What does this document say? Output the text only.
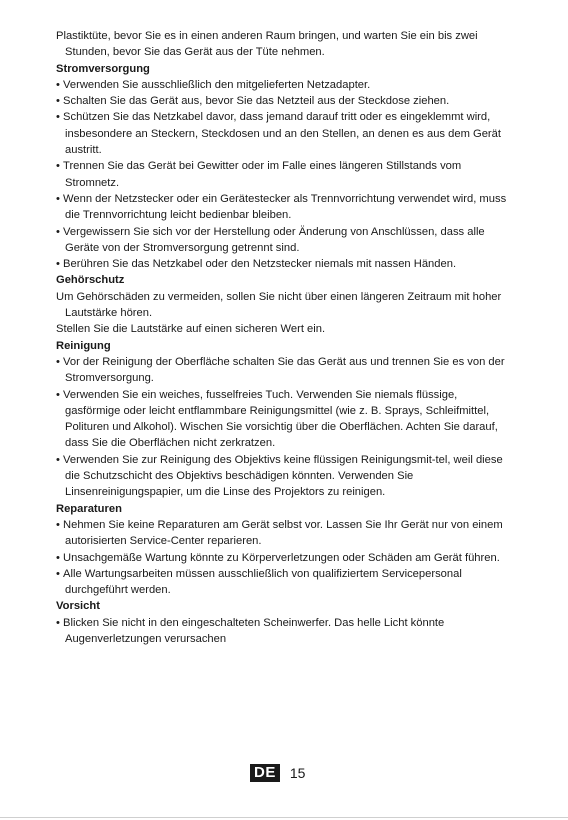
Plastiktüte, bevor Sie es in einen anderen Raum bringen, und warten Sie ein bis zwei Stunden, bevor Sie das Gerät aus der Tüte nehmen.

Stromversorgung

• Verwenden Sie ausschließlich den mitgelieferten Netzadapter.

• Schalten Sie das Gerät aus, bevor Sie das Netzteil aus der Steckdose ziehen.

• Schützen Sie das Netzkabel davor, dass jemand darauf tritt oder es eingeklemmt wird, insbesondere an Steckern, Steckdosen und an den Stellen, an denen es aus dem Gerät austritt.

• Trennen Sie das Gerät bei Gewitter oder im Falle eines längeren Stillstands vom Stromnetz.

• Wenn der Netzstecker oder ein Gerätestecker als Trennvorrichtung verwendet wird, muss die Trennvorrichtung leicht bedienbar bleiben.

• Vergewissern Sie sich vor der Herstellung oder Änderung von Anschlüssen, dass alle Geräte von der Stromversorgung getrennt sind.

• Berühren Sie das Netzkabel oder den Netzstecker niemals mit nassen Händen.

Gehörschutz

Um Gehörschäden zu vermeiden, sollen Sie nicht über einen längeren Zeitraum mit hoher Lautstärke hören.

Stellen Sie die Lautstärke auf einen sicheren Wert ein.

Reinigung

• Vor der Reinigung der Oberfläche schalten Sie das Gerät aus und trennen Sie es von der Stromversorgung.

• Verwenden Sie ein weiches, fusselfreies Tuch. Verwenden Sie niemals flüssige, gasförmige oder leicht entflammbare Reinigungsmittel (wie z. B. Sprays, Schleifmittel, Polituren und Alkohol). Wischen Sie vorsichtig über die Oberflächen. Achten Sie darauf, dass Sie die Oberflächen nicht zerkratzen.

• Verwenden Sie zur Reinigung des Objektivs keine flüssigen Reinigungsmit-tel, weil diese die Schutzschicht des Objektivs beschädigen könnten. Verwenden Sie Linsenreinigungspapier, um die Linse des Projektors zu reinigen.

Reparaturen

• Nehmen Sie keine Reparaturen am Gerät selbst vor. Lassen Sie Ihr Gerät nur von einem autorisierten Service-Center reparieren.

• Unsachgemäße Wartung könnte zu Körperverletzungen oder Schäden am Gerät führen.

• Alle Wartungsarbeiten müssen ausschließlich von qualifiziertem Servicepersonal durchgeführt werden.

Vorsicht

• Blicken Sie nicht in den eingeschalteten Scheinwerfer. Das helle Licht könnte Augenverletzungen verursachen

DE 15
